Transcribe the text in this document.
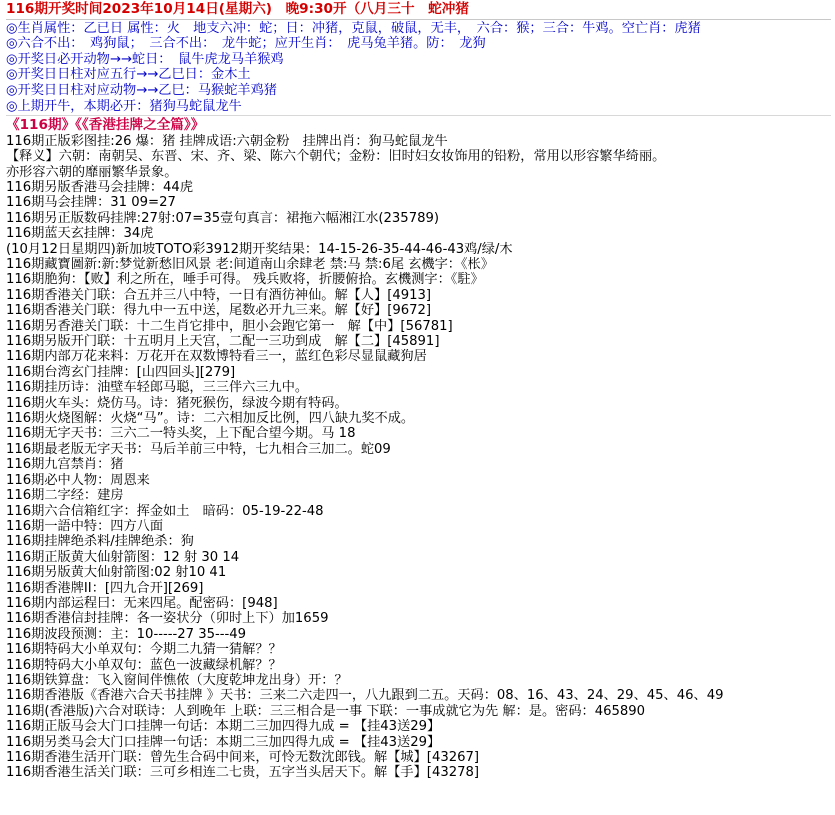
116期开奖时间2023年10月14日(星期六)　晚9:30开（八月三十　蛇冲猪
◎生肖属性：乙已日 属性：火　地支六冲：蛇；日：冲猪，克鼠，破鼠，无丰，　六合：猴；三合：牛鸡。空亡肖：虎猪
◎六合不出：　鸡狗鼠；　三合不出：　龙牛蛇；应开生肖：　虎马兔羊猪。防：　龙狗
◎开奖日必开动物→→蛇日：　鼠牛虎龙马羊猴鸡
◎开奖日日柱对应五行→→乙巳日：金木土
◎开奖日日柱对应动物→→乙巳：马猴蛇羊鸡猪
◎上期开牛，本期必开：猪狗马蛇鼠龙牛
《116期》《《香港挂牌之全篇》》
116期正版彩图挂:26 爆：猪 挂牌成语:六朝金粉　挂牌出肖：狗马蛇鼠龙牛
【释义】六朝：南朝吴、东晋、宋、齐、梁、陈六个朝代；金粉：旧时妇女妆饰用的铅粉，常用以形容繁华绮丽。
亦形容六朝的靡丽繁华景象。
116期另版香港马会挂牌：44虎
116期马会挂牌：31 09=27
116期另正版数码挂牌:27射:07=35壹句真言：裙拖六幅湘江水(235789)
116期蓝天玄挂牌：34虎
(10月12日星期四)新加坡TOTO彩3912期开奖结果：14-15-26-35-44-46-43鸡/绿/木
116期藏寶圖新:新:梦觉新愁旧风景 老:间道南山余肆老 禁:马 禁:6尾 玄機字：《枨》
116期脃狗：【败】利之所在，唾手可得。 残兵败将，折腰俯拾。玄機测字：《駐》
116期香港关门联：合五并三八中特，一日有酒彷神仙。解【人】[4913]
116期香港关门联：得九中一五中送，尾数必开九三来。解【好】[9672]
116期另香港关门联：十二生肖它排中，胆小会跑它第一　解【中】[56781]
116期另版开门联：十五明月上天宫，二配一三功到成　解【二】[45891]
116期内部万花来料：万花开在双数博特看三一，蓝红色彩尽显鼠藏狗居
116期台湾玄门挂牌：[山四回头][279]
116期挂历诗：油壁车轻郎马聪，三三伴六三九中。
116期火车头：烧仿马。诗：猪死猴伤，绿波今期有特码。
116期火烧图解：火烧“马”。诗：二六相加反比例，四八缺九奖不成。
116期无字天书：三六二一特头奖，上下配合望今期。马 18
116期最老版无字天书：马后羊前三中特，七九相合三加二。蛇09
116期九宫禁肖：猪
116期必中人物：周恩来
116期二字经：建房
116期六合信箱红字：挥金如土　暗码：05-19-22-48
116期一語中特：四方八面
116期挂牌绝杀料/挂牌绝杀：狗
116期正版黄大仙射箭图：12 射 30 14
116期另版黄大仙射箭图:02 射10 41
116期香港牌II：[四九合开][269]
116期内部运程曰：无来四尾。配密码：[948]
116期香港信封挂牌：各一姿状分（卯时上下）加1659
116期波段预测：主：10-----27 35---49
116期特码大小单双句：今期二九猜一猜解？？
116期特码大小单双句：蓝色一波藏绿机解？？
116期铁算盘：飞入窗间伴憔侬（大度乾坤龙出身）开：？
116期香港版《香港六合天书挂牌 》天书：三来二六走四一，八九跟到二五。天码：08、16、43、24、29、45、46、49
116期(香港版)六合对联诗：人到晚年 上联：三三相合是一事 下联：一事成就它为先 解：是。密码：465890
116期正版马会大门口挂牌一句话：本期二三加四得九成 = 【挂43送29】
116期另类马会大门口挂牌一句话：本期二三加四得九成 = 【挂43送29】
116期香港生活开门联：曾先生合码中间来，可怜无数沈郎钱。解【城】[43267]
116期香港生活关门联：三可乡相连二七贵，五字当头居天下。解【手】[43278]
